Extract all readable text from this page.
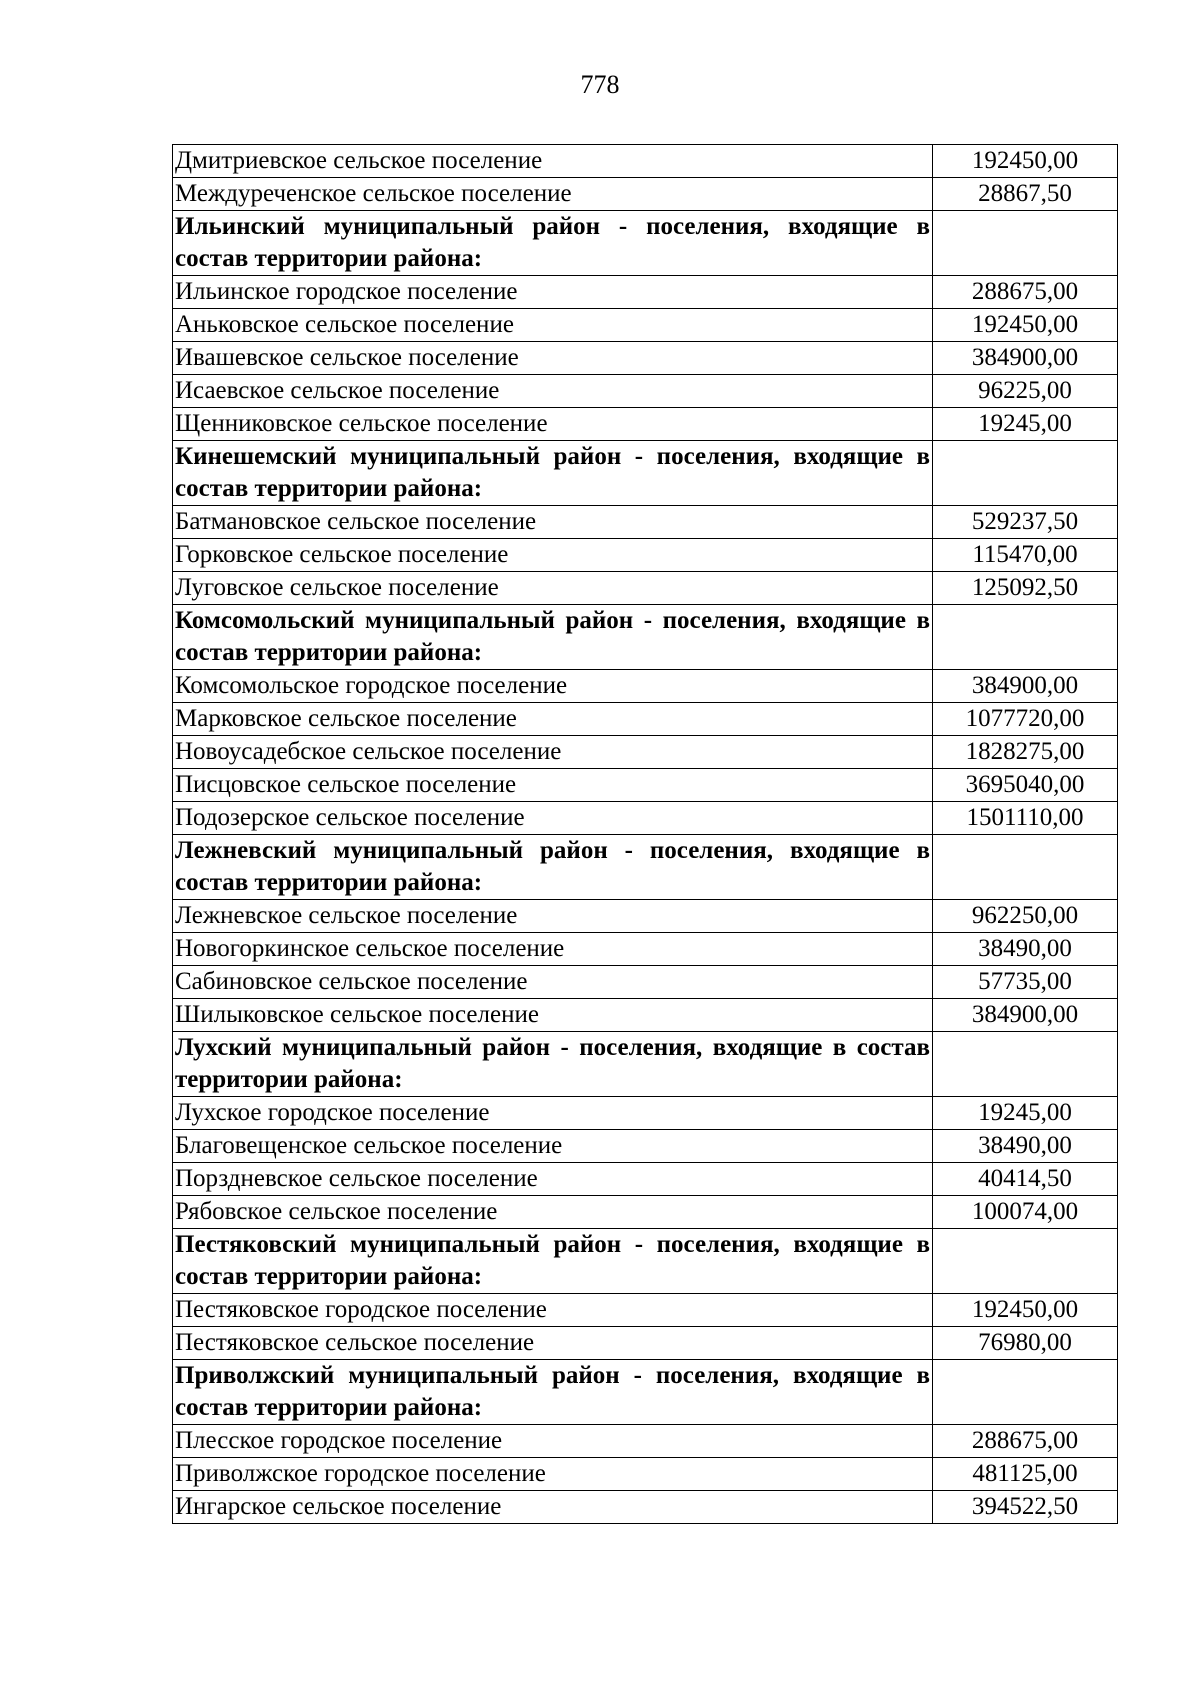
778
Дмитриевское сельское поселение	192450,00
Междуреченское сельское поселение	28867,50
Ильинский муниципальный район - поселения, входящие в состав территории района:	
Ильинское городское поселение	288675,00
Аньковское сельское поселение	192450,00
Ивашевское сельское поселение	384900,00
Исаевское сельское поселение	96225,00
Щенниковское сельское поселение	19245,00
Кинешемский муниципальный район - поселения, входящие в состав территории района:	
Батмановское сельское поселение	529237,50
Горковское сельское поселение	115470,00
Луговское сельское поселение	125092,50
Комсомольский муниципальный район - поселения, входящие в состав территории района:	
Комсомольское городское поселение	384900,00
Марковское сельское поселение	1077720,00
Новоусадебское сельское поселение	1828275,00
Писцовское сельское поселение	3695040,00
Подозерское сельское поселение	1501110,00
Лежневский муниципальный район - поселения, входящие в состав территории района:	
Лежневское сельское поселение	962250,00
Новогоркинское сельское поселение	38490,00
Сабиновское сельское поселение	57735,00
Шилыковское сельское поселение	384900,00
Лухский муниципальный район - поселения, входящие в состав территории района:	
Лухское городское поселение	19245,00
Благовещенское сельское поселение	38490,00
Порздневское сельское поселение	40414,50
Рябовское сельское поселение	100074,00
Пестяковский муниципальный район - поселения, входящие в состав территории района:	
Пестяковское городское поселение	192450,00
Пестяковское сельское поселение	76980,00
Приволжский муниципальный район - поселения, входящие в состав территории района:	
Плесское городское поселение	288675,00
Приволжское городское поселение	481125,00
Ингарское сельское поселение	394522,50
